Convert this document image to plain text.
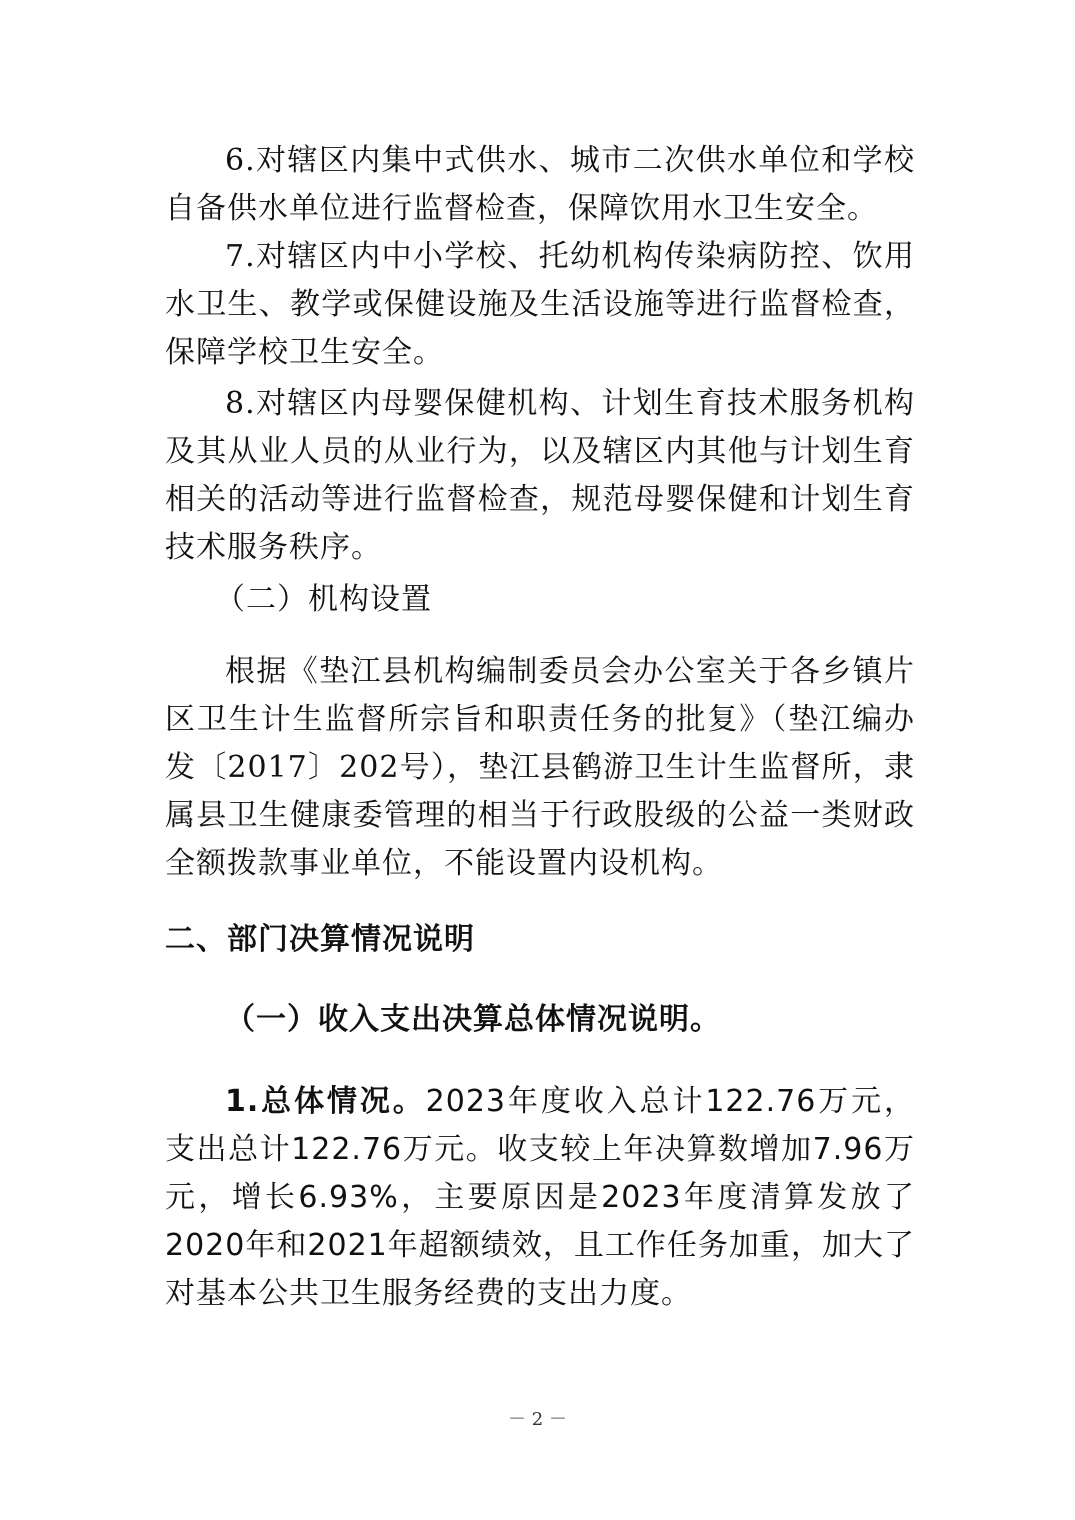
6.对辖区内集中式供水、城市二次供水单位和学校自备供水单位进行监督检查，保障饮用水卫生安全。

7.对辖区内中小学校、托幼机构传染病防控、饮用水卫生、教学或保健设施及生活设施等进行监督检查，保障学校卫生安全。

8.对辖区内母婴保健机构、计划生育技术服务机构及其从业人员的从业行为，以及辖区内其他与计划生育相关的活动等进行监督检查，规范母婴保健和计划生育技术服务秩序。

（二）机构设置

根据《垫江县机构编制委员会办公室关于各乡镇片区卫生计生监督所宗旨和职责任务的批复》（垫江编办发〔2017〕202号），垫江县鹤游卫生计生监督所，隶属县卫生健康委管理的相当于行政股级的公益一类财政全额拨款事业单位，不能设置内设机构。

二、部门决算情况说明

（一）收入支出决算总体情况说明。

1.总体情况。2023年度收入总计122.76万元，支出总计122.76万元。收支较上年决算数增加7.96万元，增长6.93%，主要原因是2023年度清算发放了2020年和2021年超额绩效，且工作任务加重，加大了对基本公共卫生服务经费的支出力度。

－ 2 －
